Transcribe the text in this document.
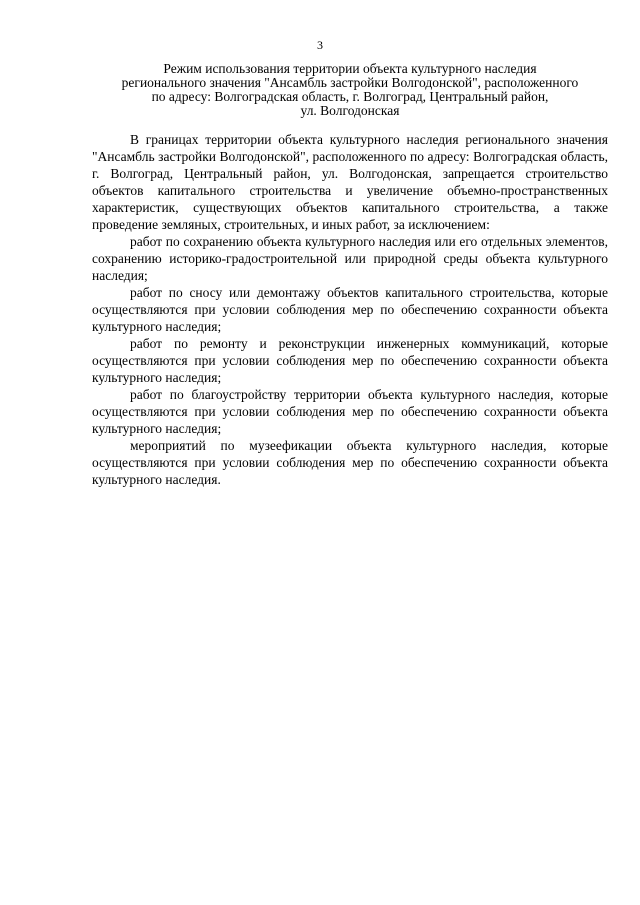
3
Режим использования территории объекта культурного наследия
регионального значения "Ансамбль застройки Волгодонской", расположенного
по адресу: Волгоградская область, г. Волгоград, Центральный район,
ул. Волгодонская

В границах территории объекта культурного наследия регионального значения "Ансамбль застройки Волгодонской", расположенного по адресу: Волгоградская область, г. Волгоград, Центральный район, ул. Волгодонская, запрещается строительство объектов капитального строительства и увеличение объемно-пространственных характеристик, существующих объектов капитального строительства, а также проведение земляных, строительных, и иных работ, за исключением:

работ по сохранению объекта культурного наследия или его отдельных элементов, сохранению историко-градостроительной или природной среды объекта культурного наследия;

работ по сносу или демонтажу объектов капитального строительства, которые осуществляются при условии соблюдения мер по обеспечению сохранности объекта культурного наследия;

работ по ремонту и реконструкции инженерных коммуникаций, которые осуществляются при условии соблюдения мер по обеспечению сохранности объекта культурного наследия;

работ по благоустройству территории объекта культурного наследия, которые осуществляются при условии соблюдения мер по обеспечению сохранности объекта культурного наследия;

мероприятий по музеефикации объекта культурного наследия, которые осуществляются при условии соблюдения мер по обеспечению сохранности объекта культурного наследия.
